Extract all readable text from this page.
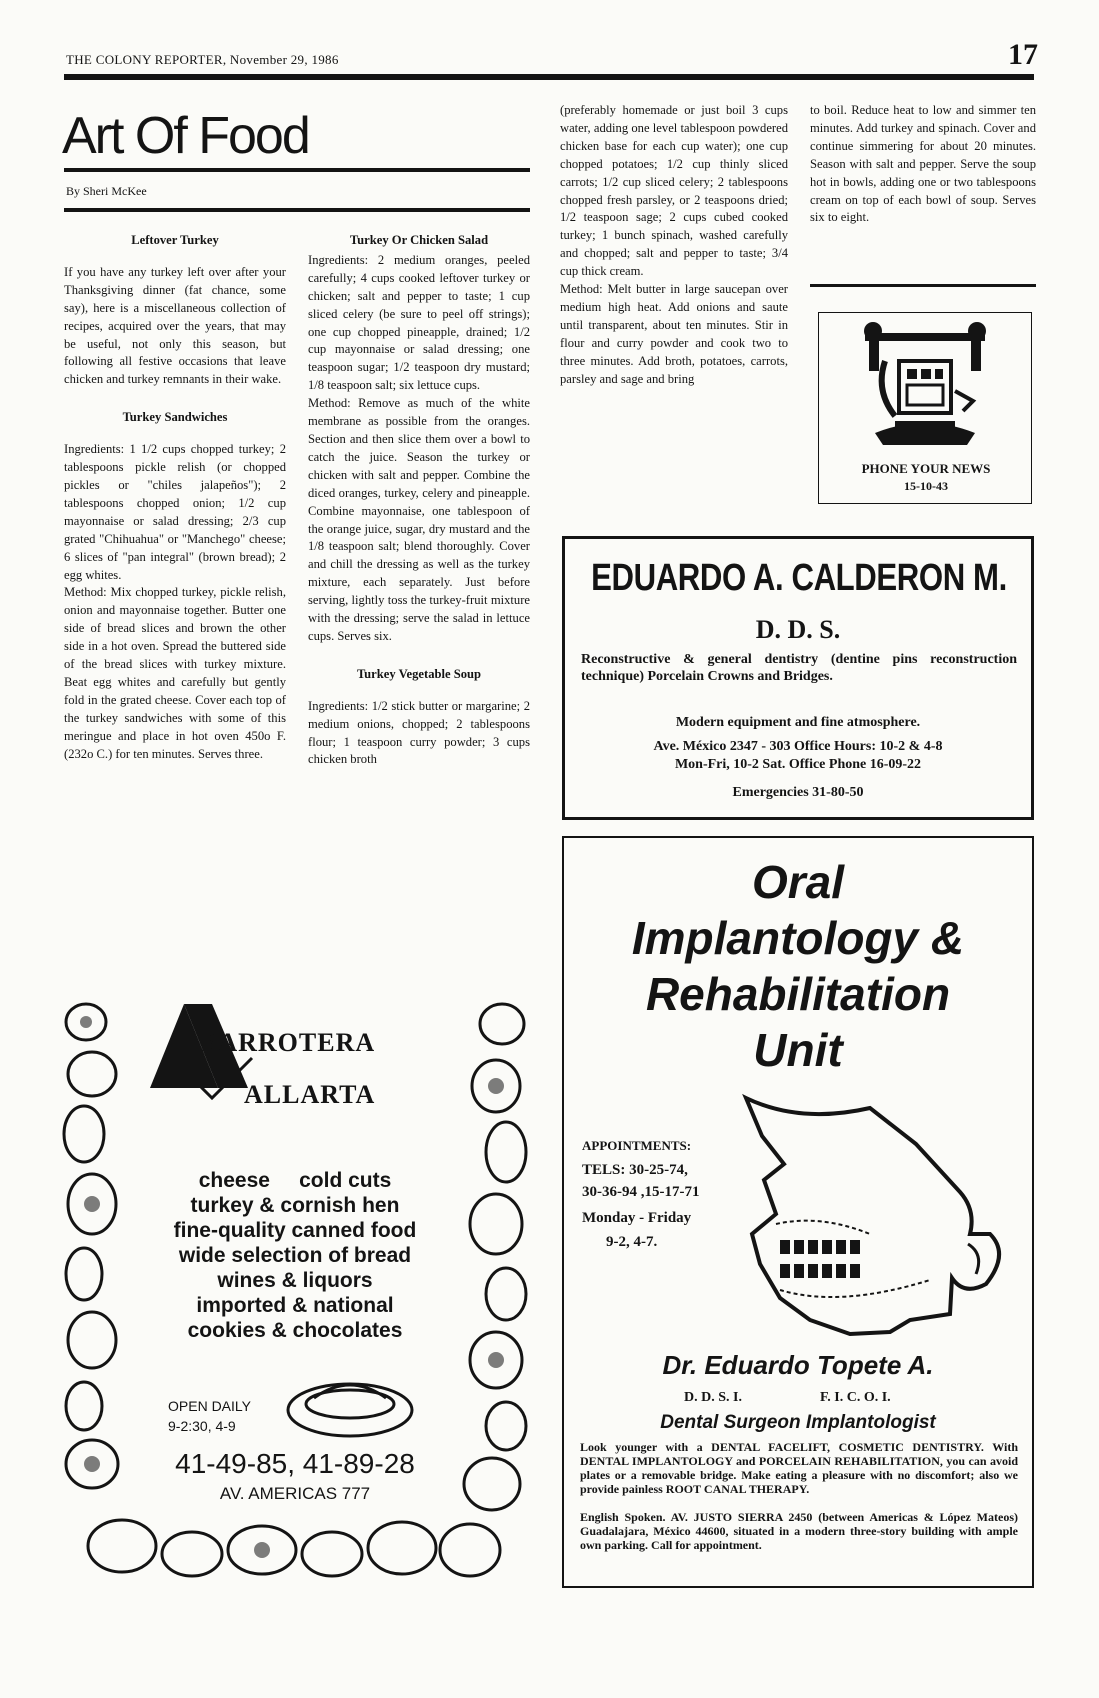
THE COLONY REPORTER, November 29, 1986	17
Art Of Food
By Sheri McKee

Leftover Turkey

If you have any turkey left over after your Thanksgiving dinner (fat chance, some say), here is a miscellaneous collection of recipes, acquired over the years, that may be useful, not only this season, but following all festive occasions that leave chicken and turkey remnants in their wake.

Turkey Sandwiches

Ingredients: 1 1/2 cups chopped turkey; 2 tablespoons pickle relish (or chopped pickles or "chiles jalapeños"); 2 tablespoons chopped onion; 1/2 cup mayonnaise or salad dressing; 2/3 cup grated "Chihuahua" or "Manchego" cheese; 6 slices of "pan integral" (brown bread); 2 egg whites.

Method: Mix chopped turkey, pickle relish, onion and mayonnaise together. Butter one side of bread slices and brown the other side in a hot oven. Spread the buttered side of the bread slices with turkey mixture. Beat egg whites and carefully but gently fold in the grated cheese. Cover each top of the turkey sandwiches with some of this meringue and place in hot oven 450o F. (232o C.) for ten minutes. Serves three.

Turkey Or Chicken Salad

Ingredients: 2 medium oranges, peeled carefully; 4 cups cooked leftover turkey or chicken; salt and pepper to taste; 1 cup sliced celery (be sure to peel off strings); one cup chopped pineapple, drained; 1/2 cup mayonnaise or salad dressing; one teaspoon sugar; 1/2 teaspoon dry mustard; 1/8 teaspoon salt; six lettuce cups.

Method: Remove as much of the white membrane as possible from the oranges. Section and then slice them over a bowl to catch the juice. Season the turkey or chicken with salt and pepper. Combine the diced oranges, turkey, celery and pineapple. Combine mayonnaise, one tablespoon of the orange juice, sugar, dry mustard and the 1/8 teaspoon salt; blend thoroughly. Cover and chill the dressing as well as the turkey mixture, each separately. Just before serving, lightly toss the turkey-fruit mixture with the dressing; serve the salad in lettuce cups. Serves six.

Turkey Vegetable Soup

Ingredients: 1/2 stick butter or margarine; 2 medium onions, chopped; 2 tablespoons flour; 1 teaspoon curry powder; 3 cups chicken broth

(preferably homemade or just boil 3 cups water, adding one level tablespoon powdered chicken base for each cup water); one cup chopped potatoes; 1/2 cup thinly sliced carrots; 1/2 cup sliced celery; 2 tablespoons chopped fresh parsley, or 2 teaspoons dried; 1/2 teaspoon sage; 2 cups cubed cooked turkey; 1 bunch spinach, washed carefully and chopped; salt and pepper to taste; 3/4 cup thick cream.

Method: Melt butter in large saucepan over medium high heat. Add onions and saute until transparent, about ten minutes. Stir in flour and curry powder and cook two to three minutes. Add broth, potatoes, carrots, parsley and sage and bring

to boil. Reduce heat to low and simmer ten minutes. Add turkey and spinach. Cover and continue simmering for about 20 minutes. Season with salt and pepper. Serve the soup hot in bowls, adding one or two tablespoons cream on top of each bowl of soup. Serves six to eight.

PHONE YOUR NEWS
15-10-43
EDUARDO A. CALDERON M.
D. D. S.
Reconstructive & general dentistry (dentine pins reconstruction technique) Porcelain Crowns and Bridges.
Modern equipment and fine atmosphere.
Ave. México 2347 - 303 Office Hours: 10-2 & 4-8
Mon-Fri, 10-2 Sat. Office Phone 16-09-22
Emergencies 31-80-50
BARROTERA
ALLARTA
cheese     cold cuts
turkey & cornish hen
fine-quality canned food
wide selection of bread
wines & liquors
imported & national
cookies & chocolates
OPEN DAILY
9-2:30, 4-9
41-49-85, 41-89-28
AV. AMERICAS 777
Oral
Implantology &
Rehabilitation
Unit
APPOINTMENTS:
TELS: 30-25-74,
30-36-94 ,15-17-71
Monday - Friday
9-2, 4-7.
Dr. Eduardo Topete A.
D. D. S. I.	F. I. C. O. I.
Dental Surgeon Implantologist
Look younger with a DENTAL FACELIFT, COSMETIC DENTISTRY. With DENTAL IMPLANTOLOGY and PORCELAIN REHABILITATION, you can avoid plates or a removable bridge. Make eating a pleasure with no discomfort; also we provide painless ROOT CANAL THERAPY.
English Spoken. AV. JUSTO SIERRA 2450 (between Americas & López Mateos) Guadalajara, México 44600, situated in a modern three-story building with ample own parking. Call for appointment.
